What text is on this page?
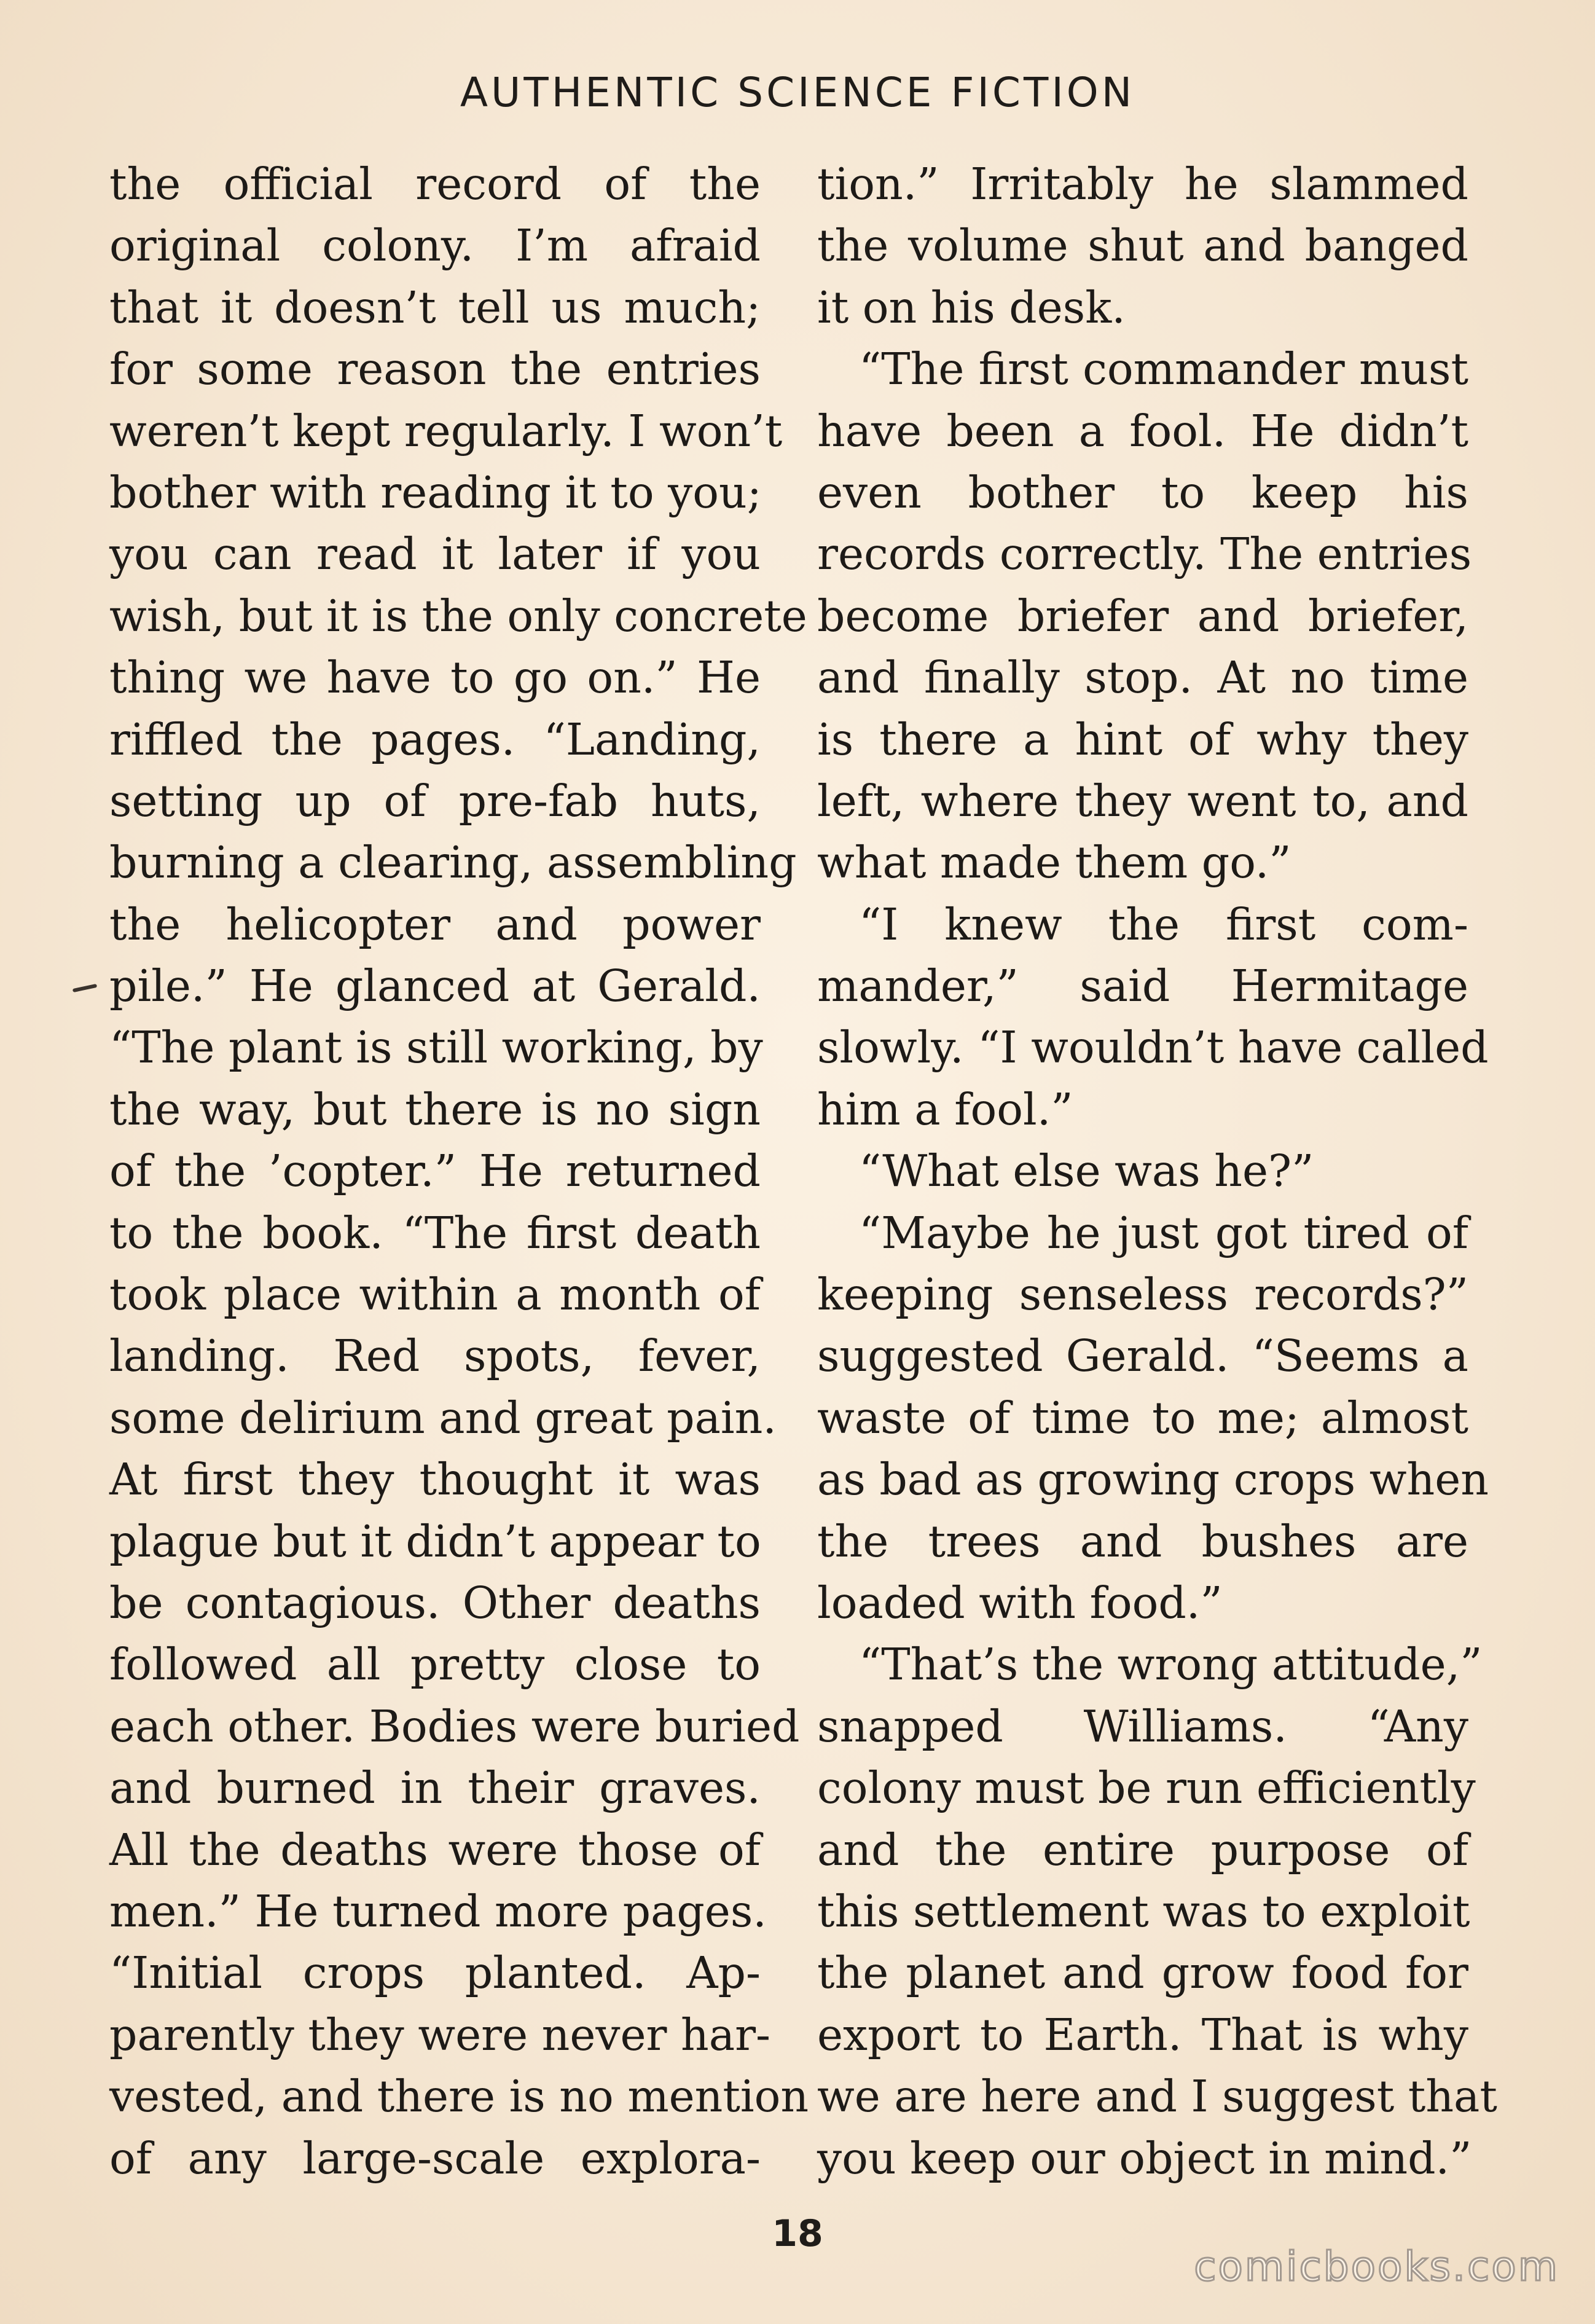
AUTHENTIC SCIENCE FICTION
the official record of the
original colony. I’m afraid
that it doesn’t tell us much;
for some reason the entries
weren’t kept regularly. I won’t
bother with reading it to you;
you can read it later if you
wish, but it is the only concrete
thing we have to go on.” He
riffled the pages. “Landing,
setting up of pre-fab huts,
burning a clearing, assembling
the helicopter and power
pile.” He glanced at Gerald.
“The plant is still working, by
the way, but there is no sign
of the ’copter.” He returned
to the book. “The first death
took place within a month of
landing. Red spots, fever,
some delirium and great pain.
At first they thought it was
plague but it didn’t appear to
be contagious. Other deaths
followed all pretty close to
each other. Bodies were buried
and burned in their graves.
All the deaths were those of
men.” He turned more pages.
“Initial crops planted. Ap-
parently they were never har-
vested, and there is no mention
of any large-scale explora-
tion.” Irritably he slammed
the volume shut and banged
it on his desk.
“The first commander must
have been a fool. He didn’t
even bother to keep his
records correctly. The entries
become briefer and briefer,
and finally stop. At no time
is there a hint of why they
left, where they went to, and
what made them go.”
“I knew the first com-
mander,” said Hermitage
slowly. “I wouldn’t have called
him a fool.”
“What else was he?”
“Maybe he just got tired of
keeping senseless records?”
suggested Gerald. “Seems a
waste of time to me; almost
as bad as growing crops when
the trees and bushes are
loaded with food.”
“That’s the wrong attitude,”
snapped Williams. “Any
colony must be run efficiently
and the entire purpose of
this settlement was to exploit
the planet and grow food for
export to Earth. That is why
we are here and I suggest that
you keep our object in mind.”
18
comicbooks.com
